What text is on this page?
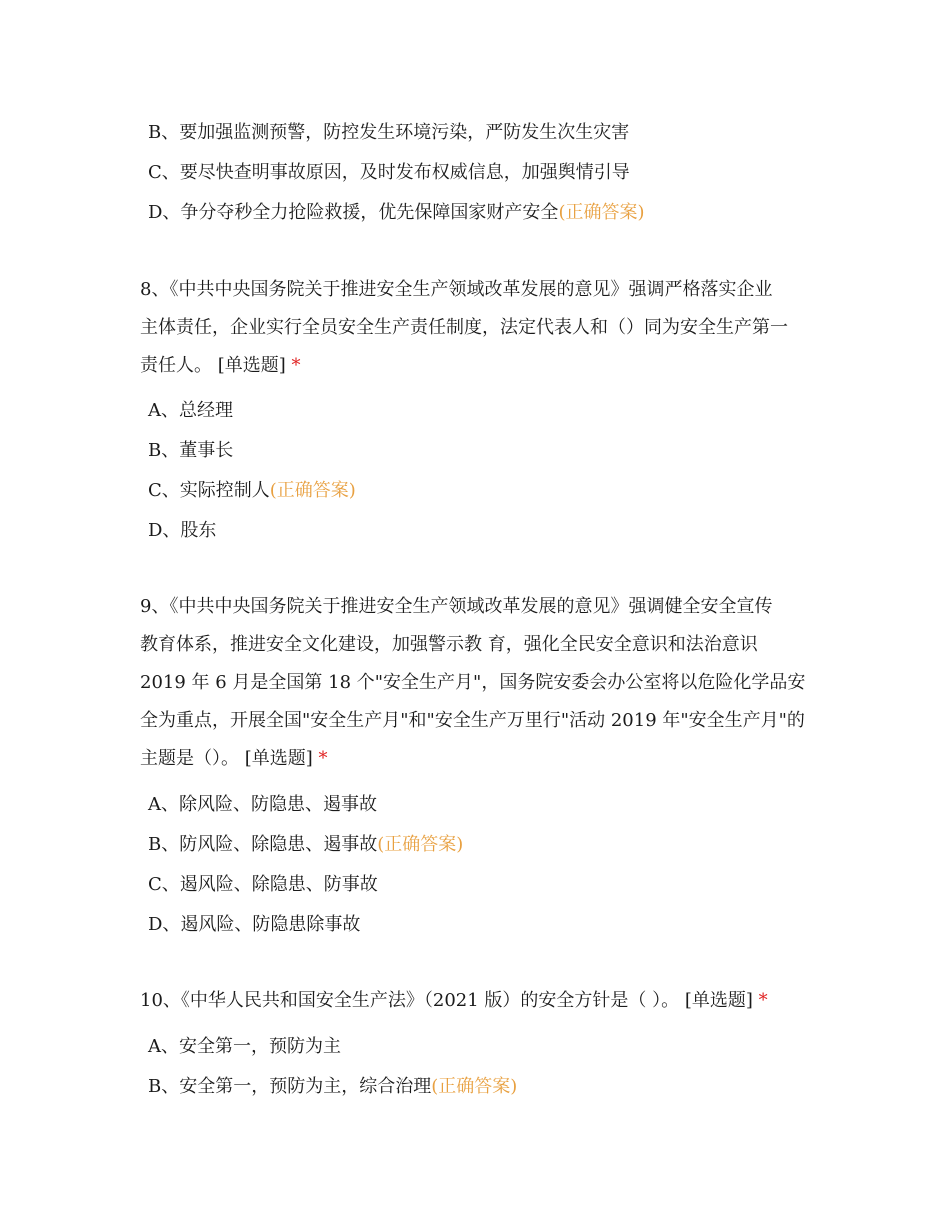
B、要加强监测预警，防控发生环境污染，严防发生次生灾害
C、要尽快查明事故原因，及时发布权威信息，加强舆情引导
D、争分夺秒全力抢险救援，优先保障国家财产安全(正确答案)
8、《中共中央国务院关于推进安全生产领域改革发展的意见》强调严格落实企业
主体责任，企业实行全员安全生产责任制度，法定代表人和（）同为安全生产第一
责任人。 [单选题] *
A、总经理
B、董事长
C、实际控制人(正确答案)
D、股东
9、《中共中央国务院关于推进安全生产领域改革发展的意见》强调健全安全宣传
教育体系，推进安全文化建设，加强警示教 育，强化全民安全意识和法治意识
2019 年 6 月是全国第 18 个"安全生产月"，国务院安委会办公室将以危险化学品安
全为重点，开展全国"安全生产月"和"安全生产万里行"活动 2019 年"安全生产月"的
主题是（）。 [单选题] *
A、除风险、防隐患、遏事故
B、防风险、除隐患、遏事故(正确答案)
C、遏风险、除隐患、防事故
D、遏风险、防隐患除事故
10、《中华人民共和国安全生产法》（2021 版）的安全方针是（ ）。 [单选题] *
A、安全第一，预防为主
B、安全第一，预防为主，综合治理(正确答案)
